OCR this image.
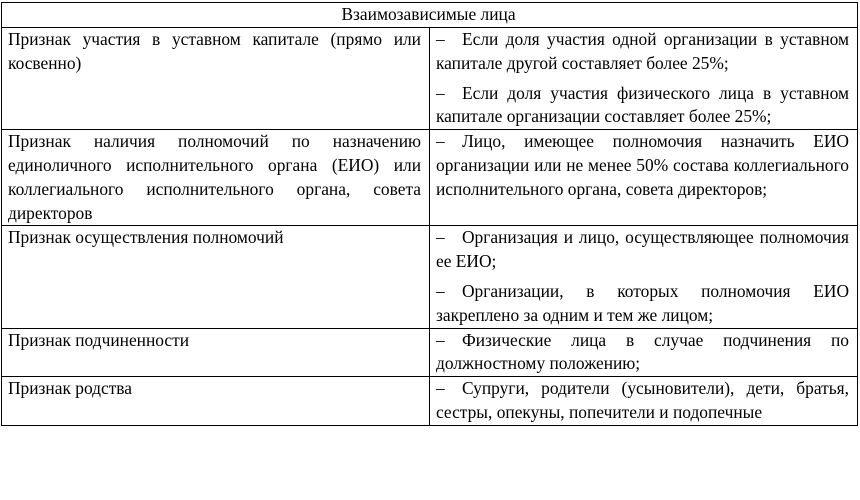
Взаимозависимые лица	
Признак участия в уставном капитале (прямо или косвенно)	– Если доля участия одной организации в уставном капитале другой составляет более 25%;
– Если доля участия физического лица в уставном капитале организации составляет более 25%;

Признак наличия полномочий по назначению единоличного исполнительного органа (ЕИО) или коллегиального исполнительного органа, совета директоров	– Лицо, имеющее полномочия назначить ЕИО организации или не менее 50% состава коллегиального исполнительного органа, совета директоров;

Признак осуществления полномочий	– Организация и лицо, осуществляющее полномочия ее ЕИО;
– Организации, в которых полномочия ЕИО закреплено за одним и тем же лицом;

Признак подчиненности	– Физические лица в случае подчинения по должностному положению;

Признак родства	– Супруги, родители (усыновители), дети, братья, сестры, опекуны, попечители и подопечные
